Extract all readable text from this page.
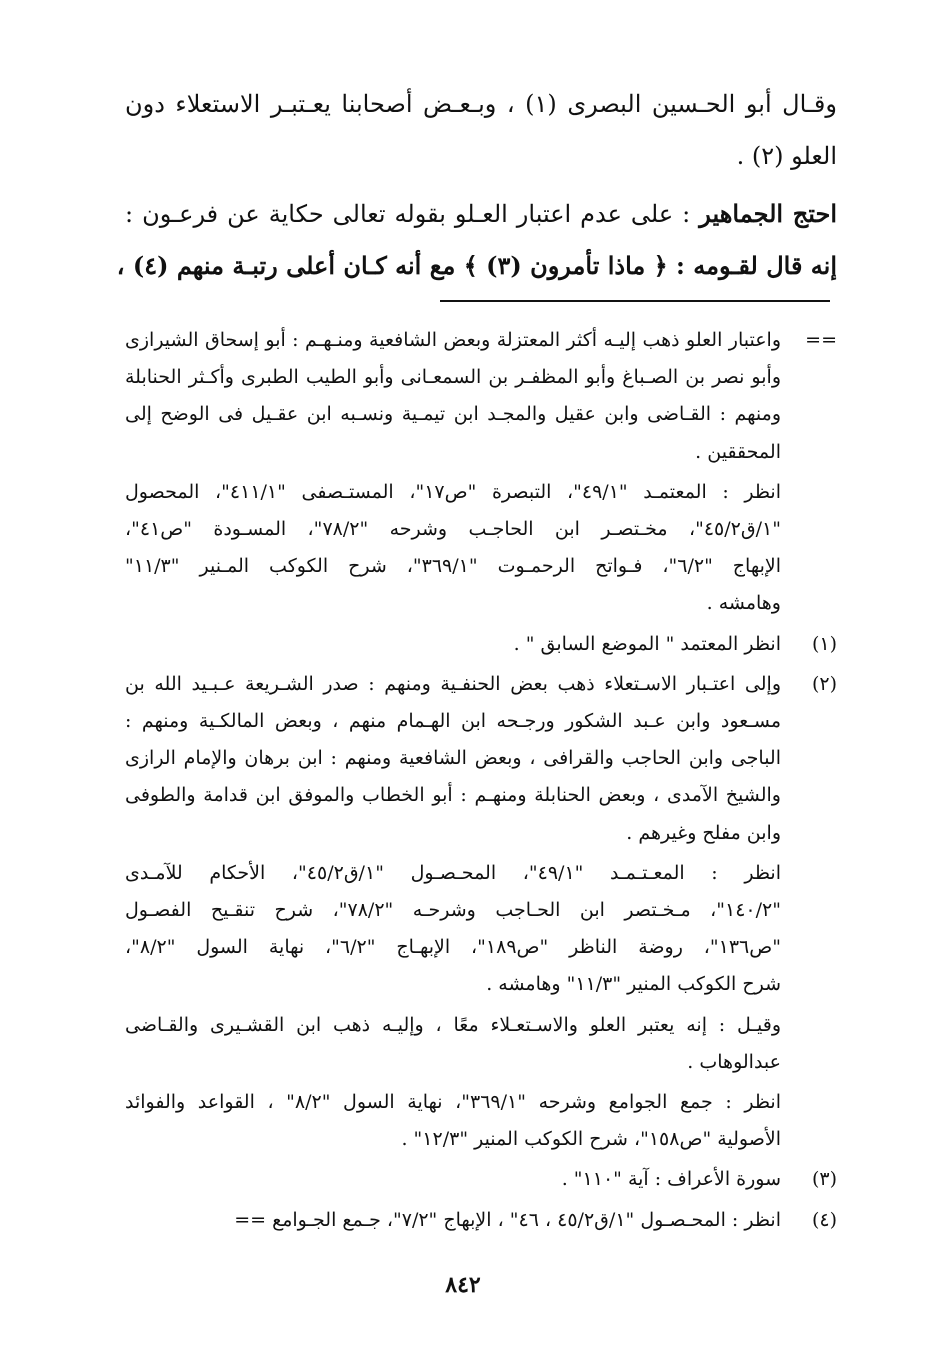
وقـال أبو الحـسين البصرى (١) ، وبـعـض أصحابنا يعـتبـر الاستعلاء دون
العلو (٢) .
احتج الجماهير : على عدم اعتبار العـلو بقوله تعالى حكاية عن فرعـون :
إنه قال لقـومه : ﴿ ماذا تأمرون (٣) ﴾ مع أنه كـان أعلى رتبـة منهم (٤) ،
==
واعتبار العلو ذهب إليـه أكثر المعتزلة وبعض الشافعية ومنـهـم : أبو إسحاق الشيرازى
وأبو نصر بن الصـباغ وأبو المظفـر بن السمعـانى وأبو الطيب الطبرى وأكـثر الحنابلة
ومنهم : القـاضى وابن عقيل والمجـد ابن تيمـية ونسـبه ابن عقـيل فى الوضح إلى
المحققين .
انظر : المعتمـد "٤٩/١"، التبصرة "ص١٧"، المستـصفى "٤١١/١"، المحصول
"١/ق٤٥/٢"، مخـتصـر ابن الحاجـب وشرحه "٧٨/٢"، المسـودة "ص٤١"،
الإبهاج "٦/٢"، فـواتح الرحمـوت "٣٦٩/١"، شرح الكوكب المـنير "١١/٣"
وهامشه .
(١)
انظر المعتمد " الموضع السابق " .
(٢)
وإلى اعتـبار الاسـتعلاء ذهب بعض الحنفـية ومنهم : صدر الشـريعة عـبـيد الله بن
مسـعود وابن عـبد الشكور ورجـحه ابن الهـمام منهم ، وبعض المالكـية ومنهم :
الباجى وابن الحاجب والقرافى ، وبعض الشافعية ومنهم : ابن برهان والإمام الرازى
والشيخ الآمدى ، وبعض الحنابلة ومنهـم : أبو الخطاب والموفق ابن قدامة والطوفى
وابن مفلح وغيرهم .
انظر : المعـتـمـد "٤٩/١"، المحـصـول "١/ق٤٥/٢"، الأحكام للآمـدى
"١٤٠/٢"، مـخـتصر ابن الحـاجب وشرحـه "٧٨/٢"، شرح تنقـيح الفصـول
"ص١٣٦"، روضة الناظر "ص١٨٩"، الإبهـاج "٦/٢"، نهاية السول "٨/٢"،
شرح الكوكب المنير "١١/٣" وهامشه .
وقيـل : إنه يعتبر العلو والاسـتعـلاء معًا ، وإليـه ذهب ابن القشـيرى والقـاضى
عبدالوهاب .
انظر : جمع الجوامع وشرحه "٣٦٩/١"، نهاية السول "٨/٢" ، القواعد والفوائد
الأصولية "ص١٥٨"، شرح الكوكب المنير "١٢/٣" .
(٣)
سورة الأعراف : آية "١١٠" .
(٤)
انظر : المحـصـول "١/ق٤٥/٢ ، ٤٦" ، الإبهاج "٧/٢"، جـمع الجـوامع ==
٨٤٢
